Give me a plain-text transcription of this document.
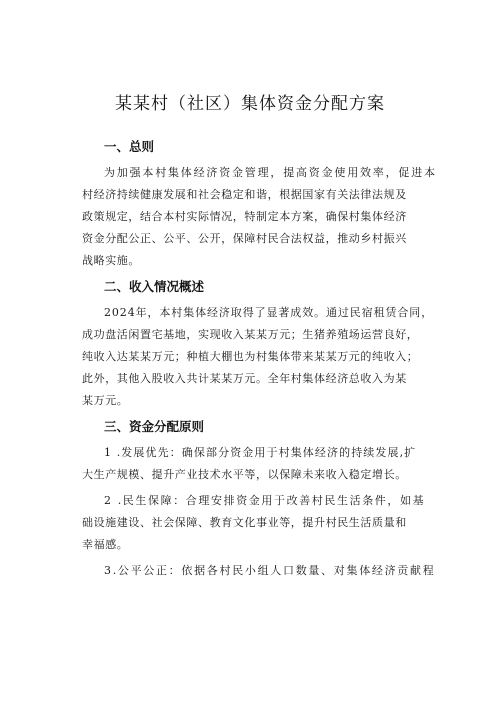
某某村（社区）集体资金分配方案
一、总则
为加强本村集体经济资金管理，提高资金使用效率，促进本
村经济持续健康发展和社会稳定和谐，根据国家有关法律法规及
政策规定，结合本村实际情况，特制定本方案，确保村集体经济
资金分配公正、公平、公开，保障村民合法权益，推动乡村振兴
战略实施。
二、收入情况概述
2024年，本村集体经济取得了显著成效。通过民宿租赁合同，
成功盘活闲置宅基地，实现收入某某万元；生猪养殖场运营良好，
纯收入达某某万元；种植大棚也为村集体带来某某万元的纯收入；
此外，其他入股收入共计某某万元。全年村集体经济总收入为某
某万元。
三、资金分配原则
1 .发展优先：确保部分资金用于村集体经济的持续发展,扩
大生产规模、提升产业技术水平等，以保障未来收入稳定增长。
2 .民生保障：合理安排资金用于改善村民生活条件，如基
础设施建设、社会保障、教育文化事业等，提升村民生活质量和
幸福感。
3.公平公正：依据各村民小组人口数量、对集体经济贡献程
